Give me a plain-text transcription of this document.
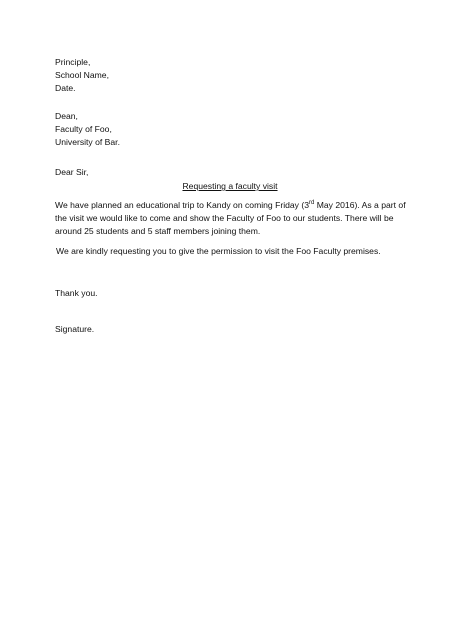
Principle,
School Name,
Date.
Dean,
Faculty of Foo,
University of Bar.
Dear Sir,
Requesting a faculty visit
We have planned an educational trip to Kandy on coming Friday (3rd May 2016). As a part of
the visit we would like to come and show the Faculty of Foo to our students. There will be
around 25 students and 5 staff members joining them.
We are kindly requesting you to give the permission to visit the Foo Faculty premises.
Thank you.
Signature.
